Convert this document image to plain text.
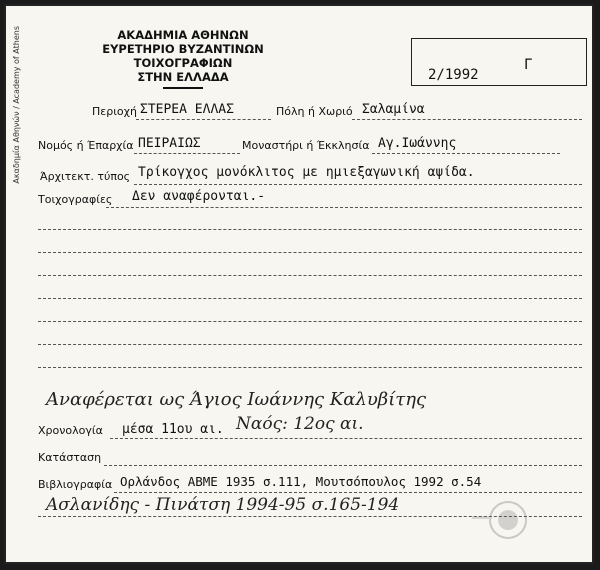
Ακαδημία Αθηνών / Academy of Athens	ΑΚΑΔΗΜΙΑ ΑΘΗΝΩΝ
ΕΥΡΕΤΗΡΙΟ ΒΥΖΑΝΤΙΝΩΝ ΤΟΙΧΟΓΡΑΦΙΩΝ
ΣΤΗΝ ΕΛΛΑΔΑ
Γ
2/1992
Περιοχή ΣΤΕΡΕΑ ΕΛΛΑΣ	Πόλη ή Χωριό Σαλαμίνα
Νομός ή Έπαρχία ΠΕΙΡΑΙΩΣ	Μοναστήρι ή Έκκλησία Αγ.Ιωάννης
Άρχιτεκτ. τύπος Τρίκογχος μονόκλιτος με ημιεξαγωνική αψίδα.
Τοιχογραφίες Δεν αναφέρονται.-
Αναφέρεται ως Άγιος Ιωάννης Καλυβίτης
Χρονολογία μέσα 11ου αι. Ναός: 12ος αι.
Κατάσταση
Βιβλιογραφία Ορλάνδος ΑΒΜΕ 1935 σ.111, Μουτσόπουλος 1992 σ.54
Ασλανίδης - Πινάτση 1994-95 σ.165-194
